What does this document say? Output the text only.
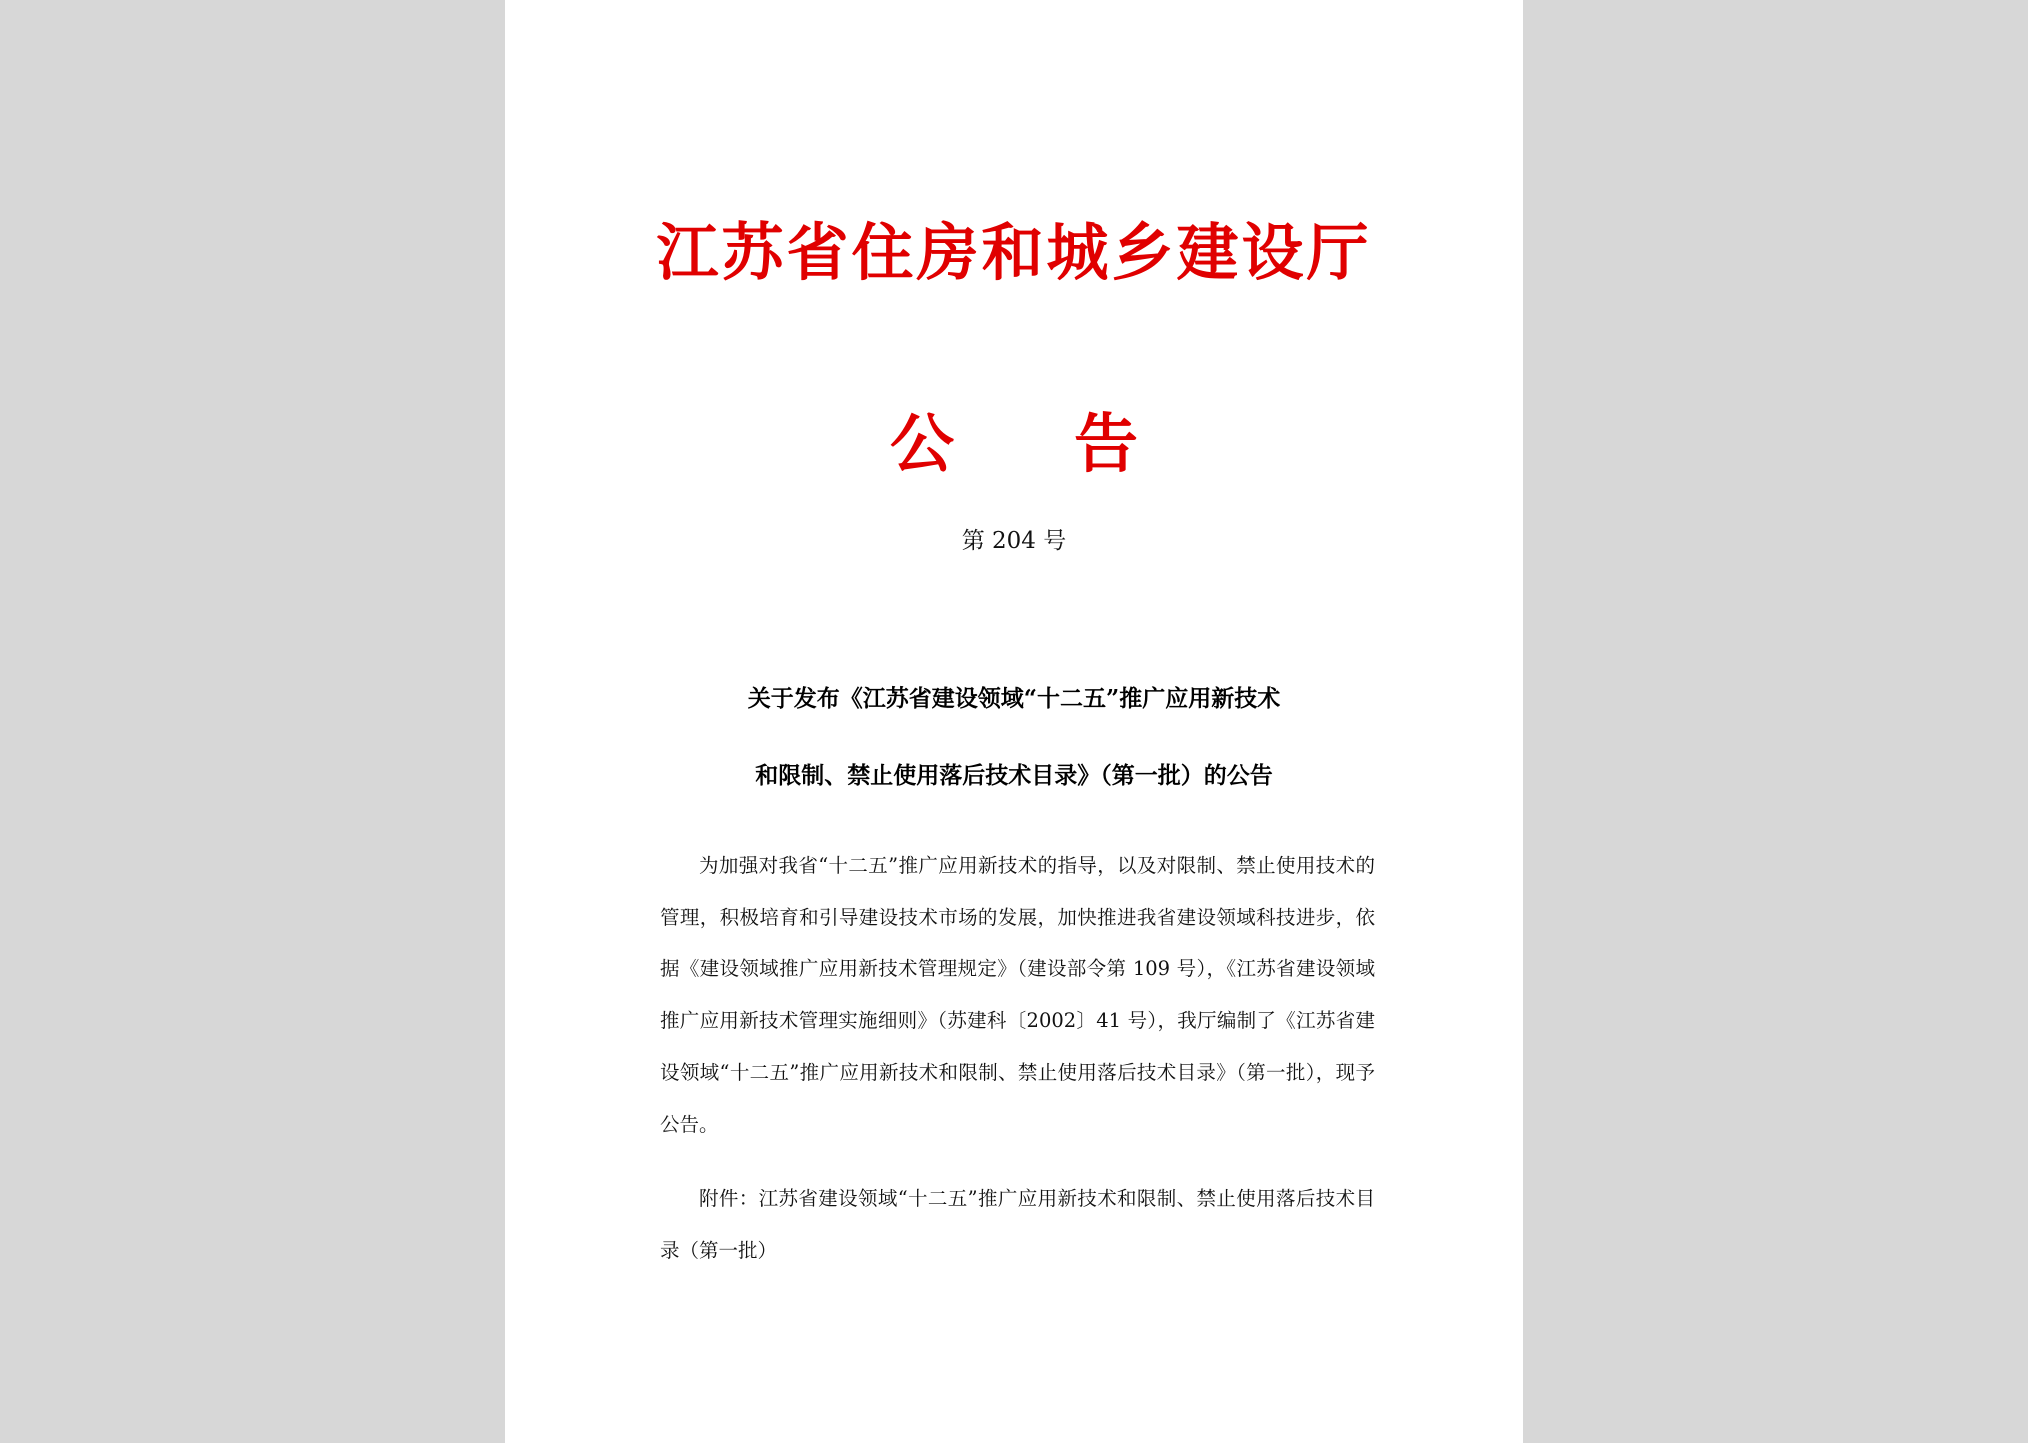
江苏省住房和城乡建设厅
公 告
第 204 号
关于发布《江苏省建设领域“十二五”推广应用新技术
和限制、禁止使用落后技术目录》（第一批）的公告

为加强对我省“十二五”推广应用新技术的指导，以及对限制、禁止使用技术的管理，积极培育和引导建设技术市场的发展，加快推进我省建设领域科技进步，依据《建设领域推广应用新技术管理规定》（建设部令第 109 号），《江苏省建设领域推广应用新技术管理实施细则》（苏建科〔2002〕41 号），我厅编制了《江苏省建设领域“十二五”推广应用新技术和限制、禁止使用落后技术目录》（第一批），现予公告。

附件：江苏省建设领域“十二五”推广应用新技术和限制、禁止使用落后技术目录（第一批）
